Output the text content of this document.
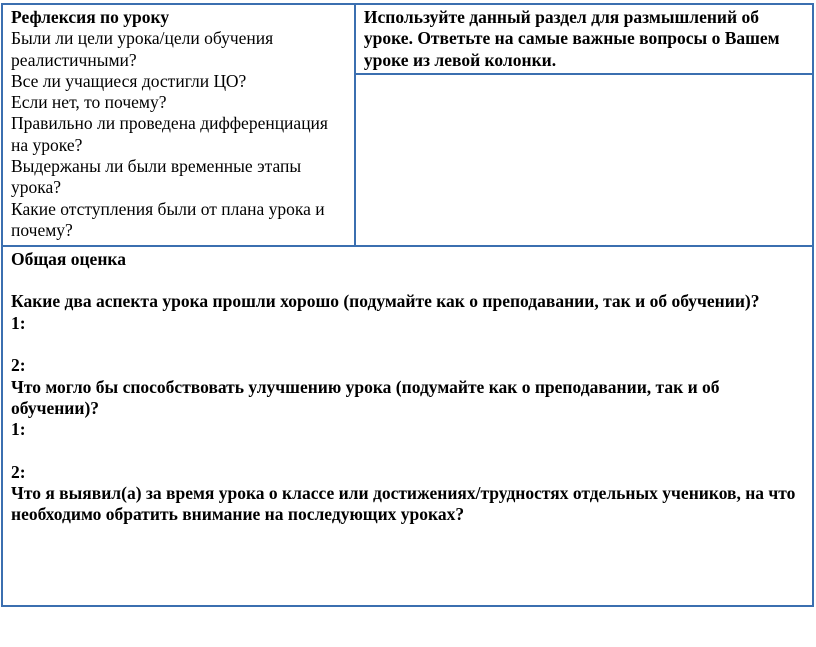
Рефлексия по уроку
Были ли цели урока/цели обучения реалистичными?
Все ли учащиеся достигли ЦО?
Если нет, то почему?
Правильно ли проведена дифференциация на уроке?
Выдержаны ли были временные этапы урока?
Какие отступления были от плана урока и почему?

Используйте данный раздел для размышлений об уроке. Ответьте на самые важные вопросы о Вашем уроке из левой колонки.

Общая оценка
Какие два аспекта урока прошли хорошо (подумайте как о преподавании, так и об обучении)?
1:
2:
Что могло бы способствовать улучшению урока (подумайте как о преподавании, так и об обучении)?
1:
2:
Что я выявил(а) за время урока о классе или достижениях/трудностях отдельных учеников, на что необходимо обратить внимание на последующих уроках?
